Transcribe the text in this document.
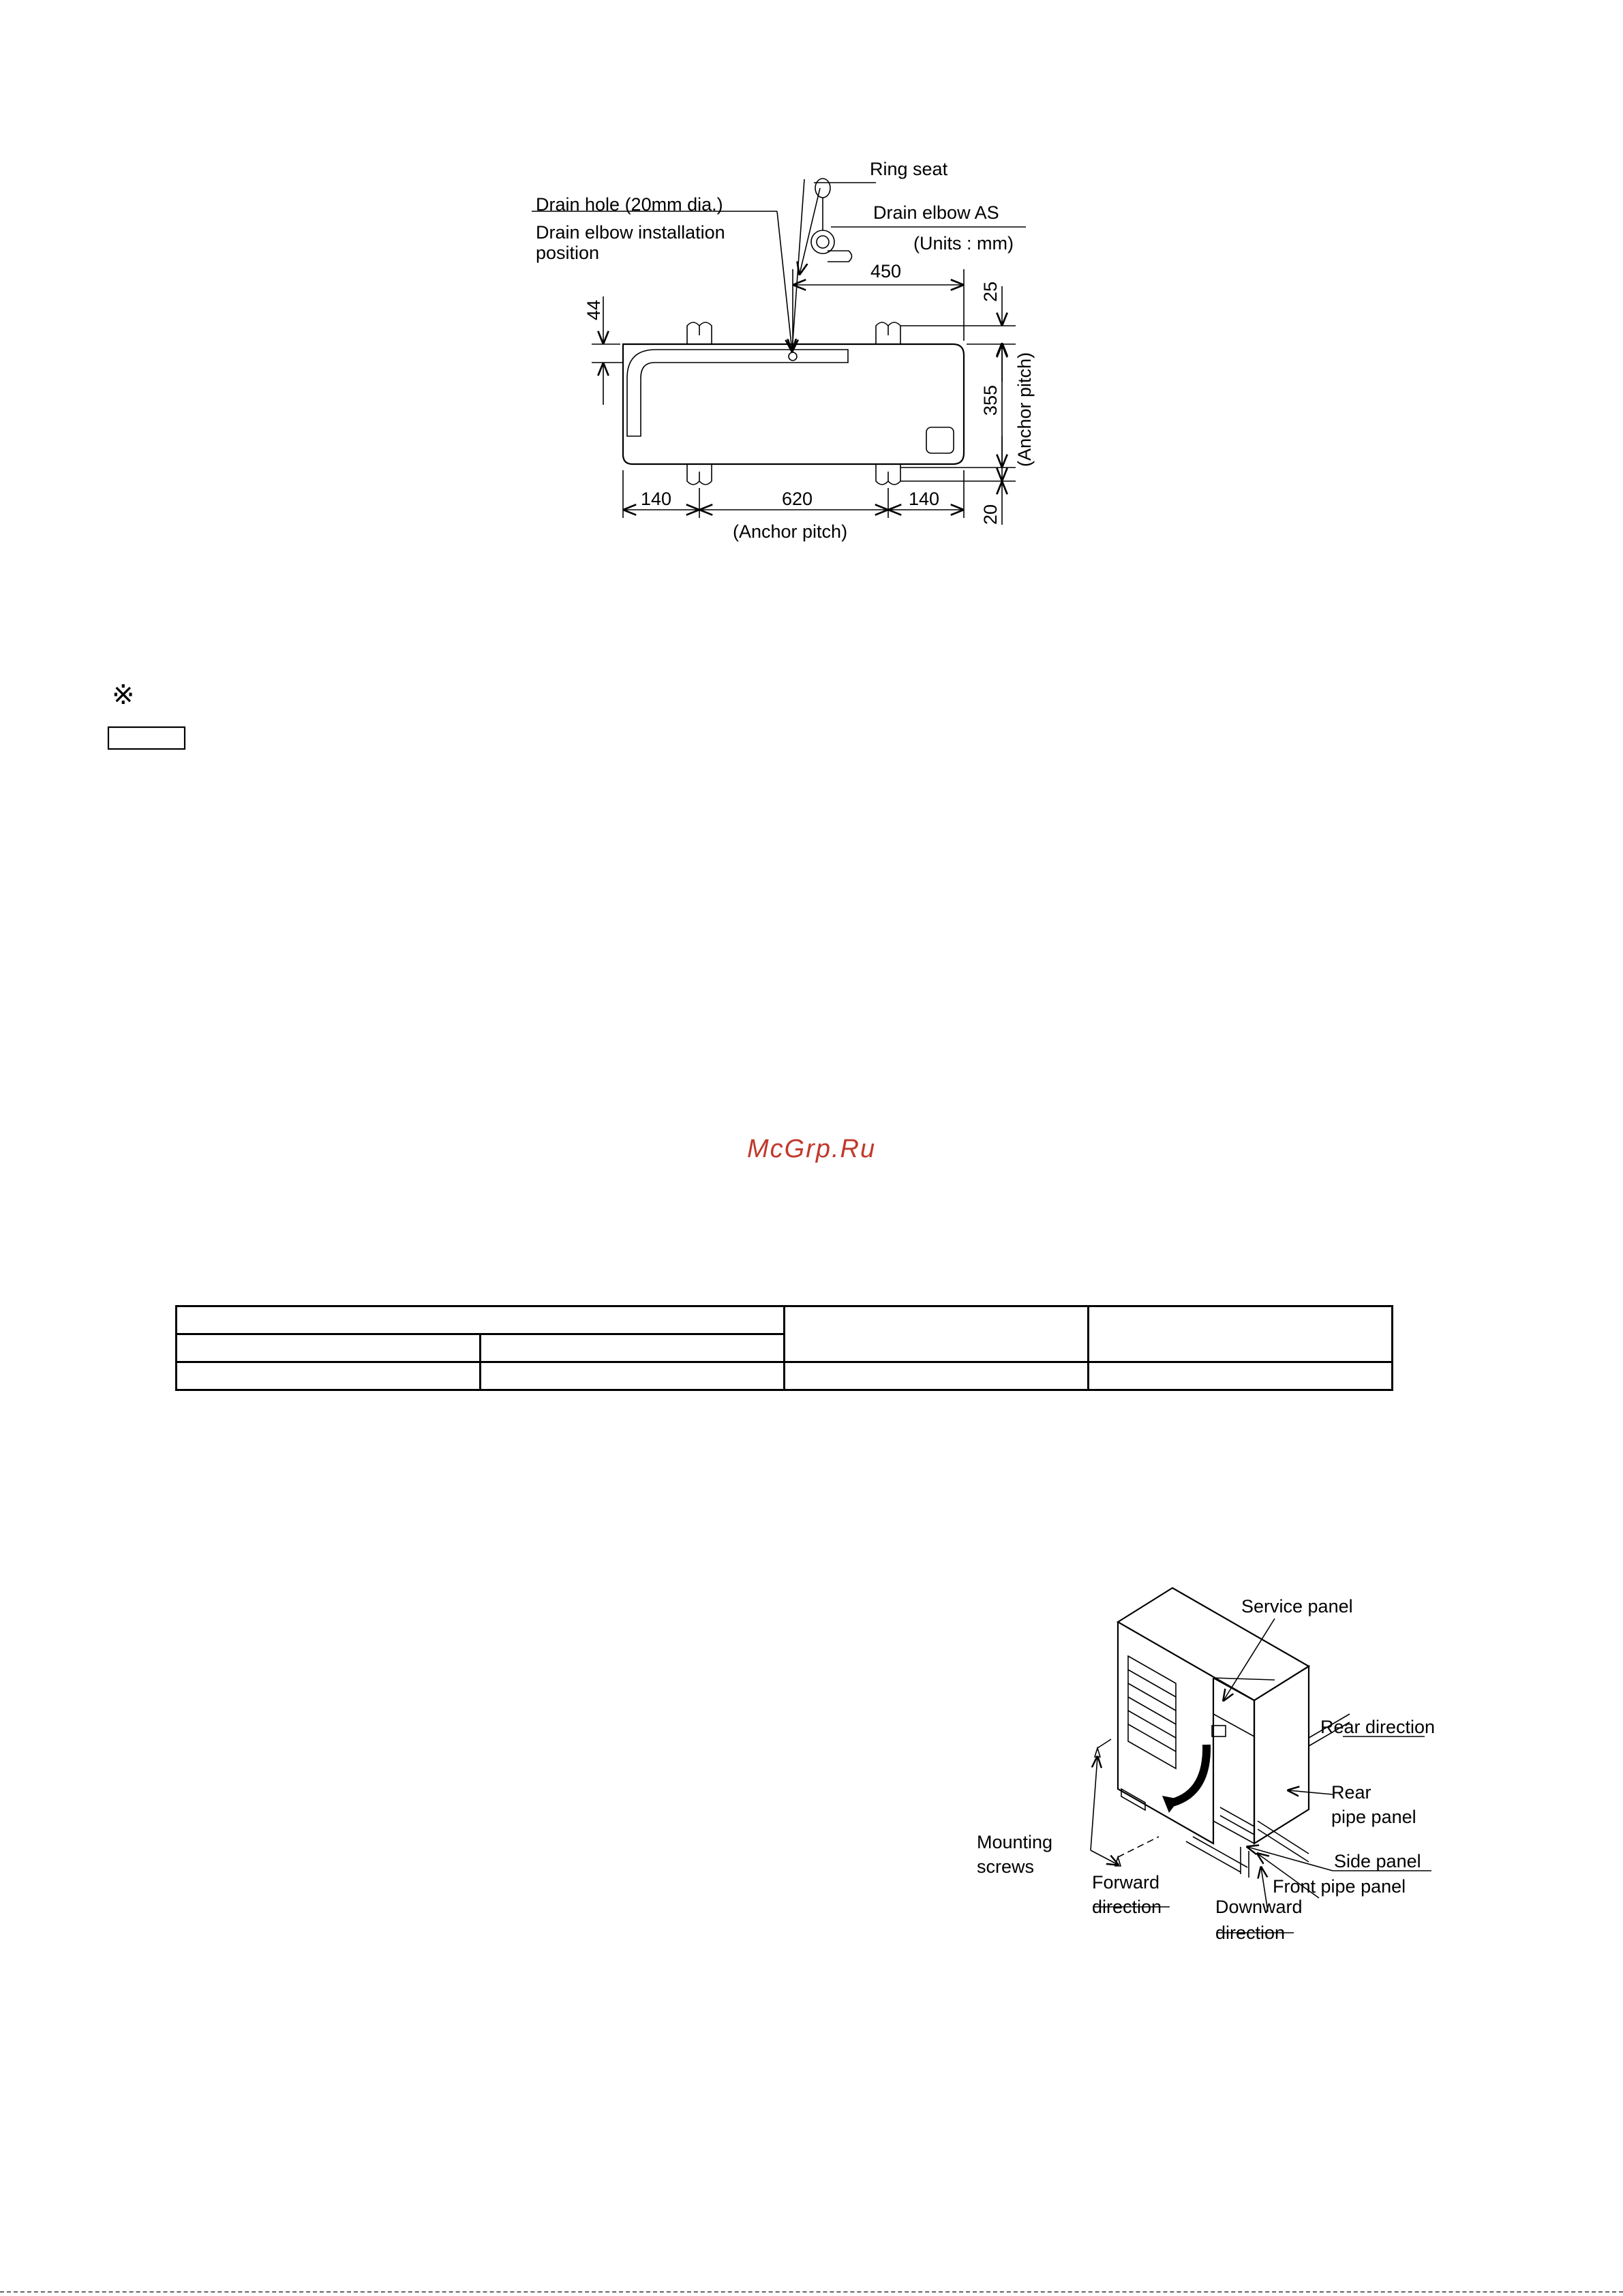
Ring seat
Drain elbow AS
(Units : mm)
Drain hole (20mm dia.)
Drain elbow installation
position
450
44
25
355
20
(Anchor pitch)
140	620	140
(Anchor pitch)
※
McGrp.Ru

Service panel
Rear direction
Rear
pipe panel
Side panel
Front pipe panel
Mounting
screws
Forward
direction	Downward
direction
